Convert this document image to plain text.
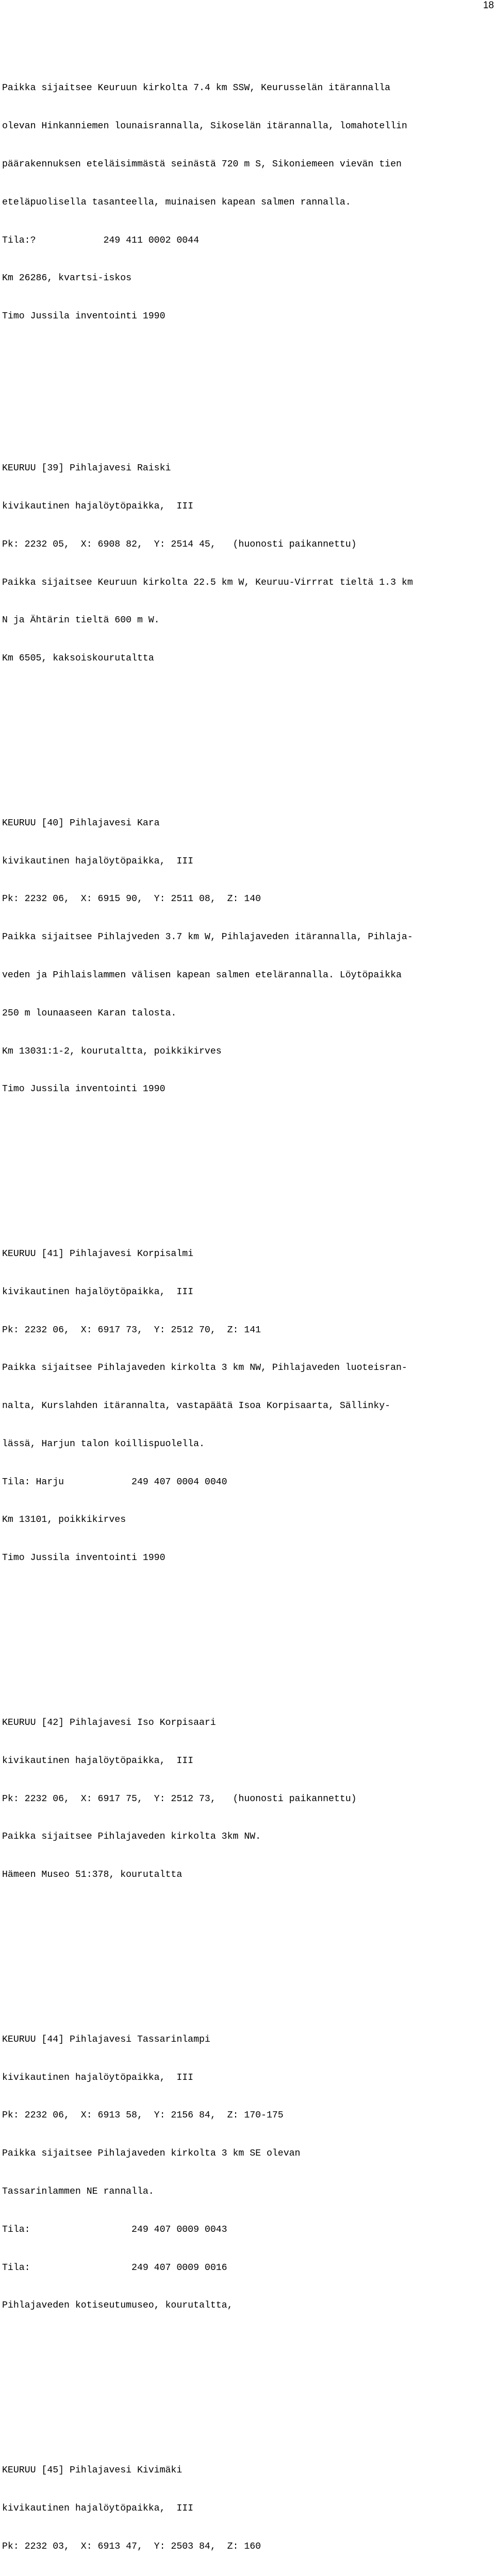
18

Paikka sijaitsee Keuruun kirkolta 7.4 km SSW, Keurusselän itärannalla

olevan Hinkanniemen lounaisrannalla, Sikoselän itärannalla, lomahotellin

päärakennuksen eteläisimmästä seinästä 720 m S, Sikoniemeen vievän tien

eteläpuolisella tasanteella, muinaisen kapean salmen rannalla.

Tila:?            249 411 0002 0044

Km 26286, kvartsi-iskos

Timo Jussila inventointi 1990

KEURUU [39] Pihlajavesi Raiski

kivikautinen hajalöytöpaikka,  III

Pk: 2232 05,  X: 6908 82,  Y: 2514 45,   (huonosti paikannettu)

Paikka sijaitsee Keuruun kirkolta 22.5 km W, Keuruu-Virrrat tieltä 1.3 km

N ja Ähtärin tieltä 600 m W.

Km 6505, kaksoiskourutaltta

KEURUU [40] Pihlajavesi Kara

kivikautinen hajalöytöpaikka,  III

Pk: 2232 06,  X: 6915 90,  Y: 2511 08,  Z: 140

Paikka sijaitsee Pihlajveden 3.7 km W, Pihlajaveden itärannalla, Pihlaja-

veden ja Pihlaislammen välisen kapean salmen etelärannalla. Löytöpaikka

250 m lounaaseen Karan talosta.

Km 13031:1-2, kourutaltta, poikkikirves

Timo Jussila inventointi 1990

KEURUU [41] Pihlajavesi Korpisalmi

kivikautinen hajalöytöpaikka,  III

Pk: 2232 06,  X: 6917 73,  Y: 2512 70,  Z: 141

Paikka sijaitsee Pihlajaveden kirkolta 3 km NW, Pihlajaveden luoteisran-

nalta, Kurslahden itärannalta, vastapäätä Isoa Korpisaarta, Sällinky-

lässä, Harjun talon koillispuolella.

Tila: Harju            249 407 0004 0040

Km 13101, poikkikirves

Timo Jussila inventointi 1990

KEURUU [42] Pihlajavesi Iso Korpisaari

kivikautinen hajalöytöpaikka,  III

Pk: 2232 06,  X: 6917 75,  Y: 2512 73,   (huonosti paikannettu)

Paikka sijaitsee Pihlajaveden kirkolta 3km NW.

Hämeen Museo 51:378, kourutaltta

KEURUU [44] Pihlajavesi Tassarinlampi

kivikautinen hajalöytöpaikka,  III

Pk: 2232 06,  X: 6913 58,  Y: 2156 84,  Z: 170-175

Paikka sijaitsee Pihlajaveden kirkolta 3 km SE olevan

Tassarinlammen NE rannalla.

Tila:                  249 407 0009 0043

Tila:                  249 407 0009 0016

Pihlajaveden kotiseutumuseo, kourutaltta,

KEURUU [45] Pihlajavesi Kivimäki

kivikautinen hajalöytöpaikka,  III

Pk: 2232 03,  X: 6913 47,  Y: 2503 84,  Z: 160
